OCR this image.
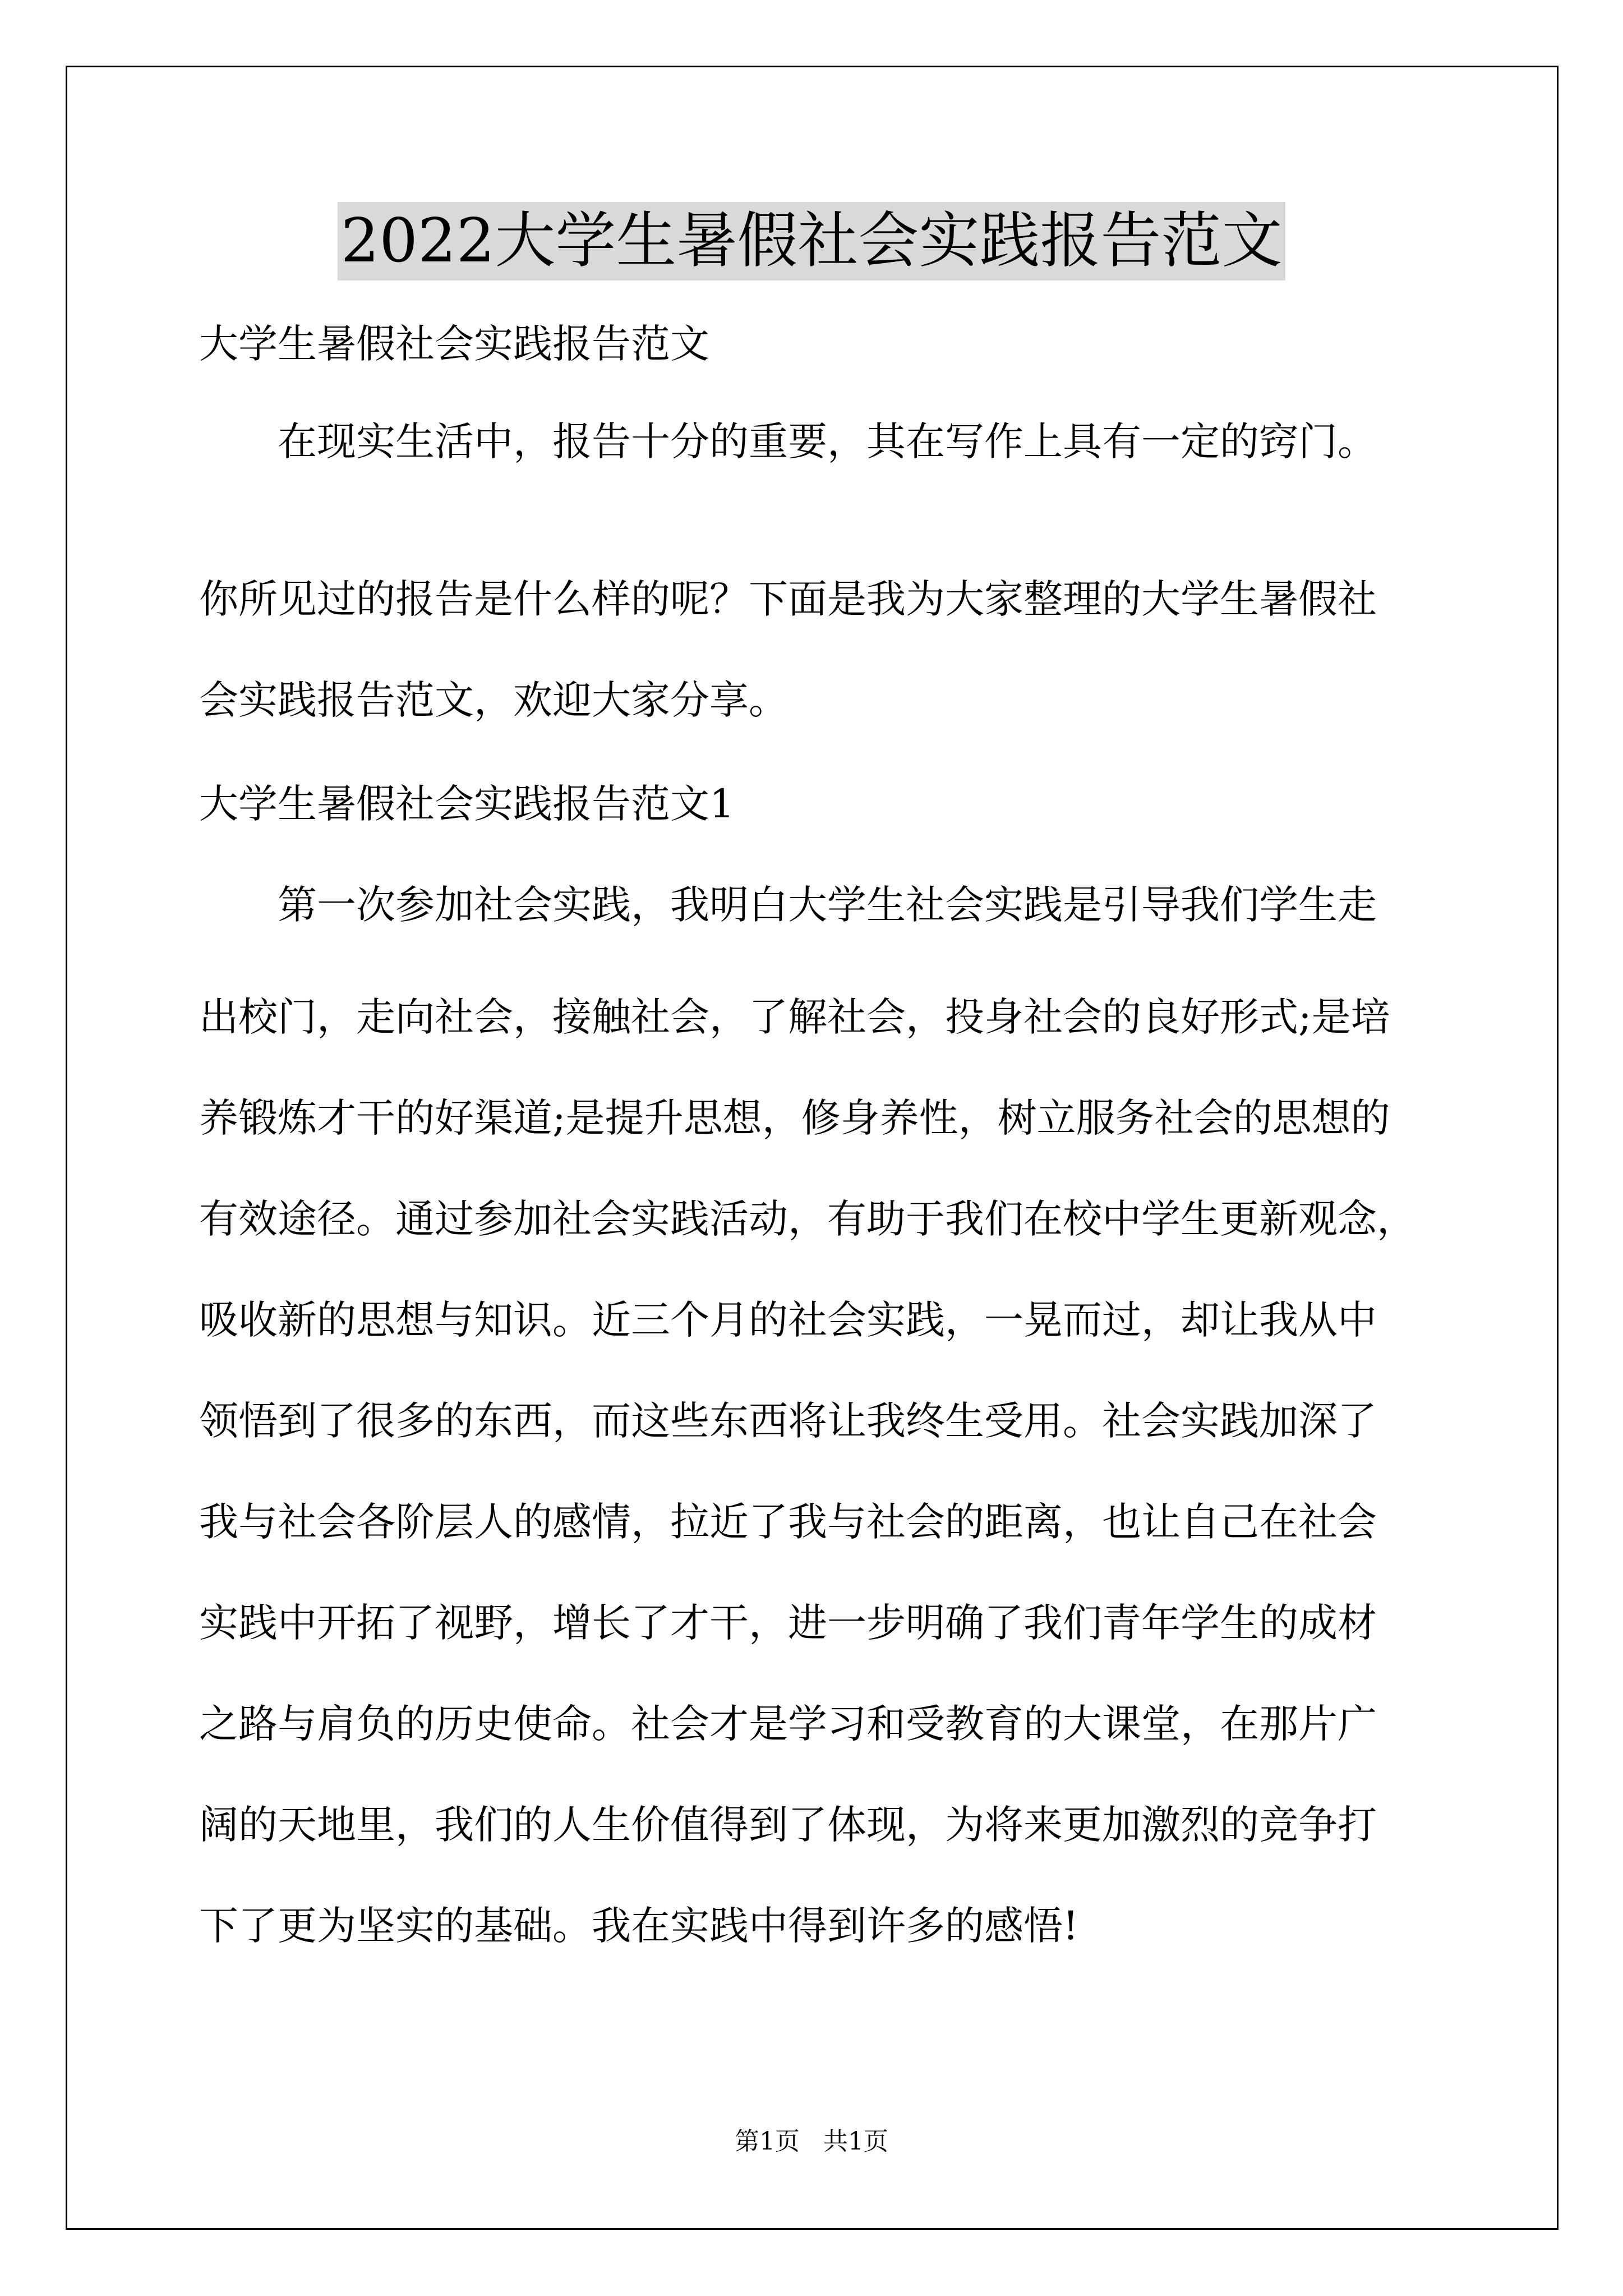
2022大学生暑假社会实践报告范文

大学生暑假社会实践报告范文

在现实生活中，报告十分的重要，其在写作上具有一定的窍门。

你所见过的报告是什么样的呢？下面是我为大家整理的大学生暑假社

会实践报告范文，欢迎大家分享。

大学生暑假社会实践报告范文1

第一次参加社会实践，我明白大学生社会实践是引导我们学生走

出校门，走向社会，接触社会，了解社会，投身社会的良好形式;是培

养锻炼才干的好渠道;是提升思想，修身养性，树立服务社会的思想的

有效途径。通过参加社会实践活动，有助于我们在校中学生更新观念，

吸收新的思想与知识。近三个月的社会实践，一晃而过，却让我从中

领悟到了很多的东西，而这些东西将让我终生受用。社会实践加深了

我与社会各阶层人的感情，拉近了我与社会的距离，也让自己在社会

实践中开拓了视野，增长了才干，进一步明确了我们青年学生的成材

之路与肩负的历史使命。社会才是学习和受教育的大课堂，在那片广

阔的天地里，我们的人生价值得到了体现，为将来更加激烈的竞争打

下了更为坚实的基础。我在实践中得到许多的感悟!

第1页   共1页
